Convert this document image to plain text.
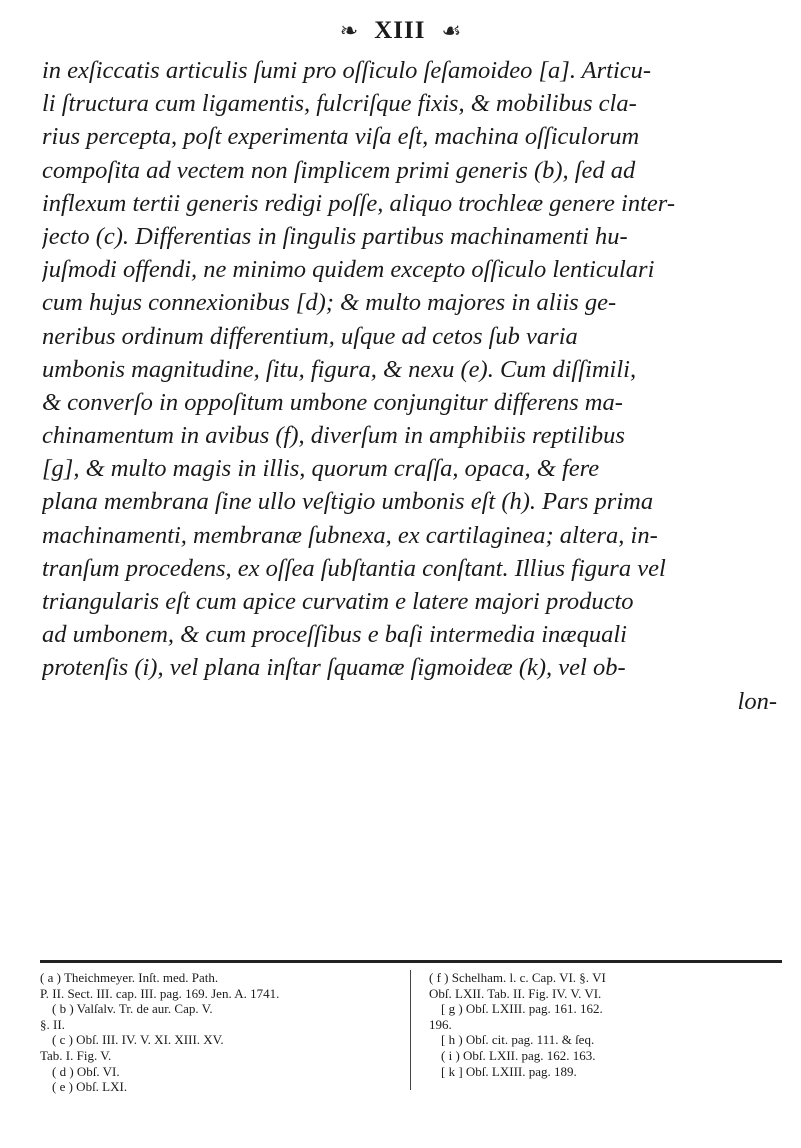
❧ XIII ☙
in exſiccatis articulis ſumi pro oſſiculo ſeſamoideo [a]. Articu-
li ſtructura cum ligamentis, fulcriſque fixis, & mobilibus cla-
rius percepta, poſt experimenta viſa eſt, machina oſſiculorum
compoſita ad vectem non ſimplicem primi generis (b), ſed ad
inflexum tertii generis redigi poſſe, aliquo trochleæ genere inter-
jecto (c). Differentias in ſingulis partibus machinamenti hu-
juſmodi offendi, ne minimo quidem excepto oſſiculo lenticulari
cum hujus connexionibus [d); & multo majores in aliis ge-
neribus ordinum differentium, uſque ad cetos ſub varia
umbonis magnitudine, ſitu, figura, & nexu (e). Cum diſſimili,
& converſo in oppoſitum umbone conjungitur differens ma-
chinamentum in avibus (f), diverſum in amphibiis reptilibus
[g], & multo magis in illis, quorum craſſa, opaca, & fere
plana membrana ſine ullo veſtigio umbonis eſt (h). Pars prima
machinamenti, membranæ ſubnexa, ex cartilaginea; altera, in-
tranſum procedens, ex oſſea ſubſtantia conſtant. Illius figura vel
triangularis eſt cum apice curvatim e latere majori producto
ad umbonem, & cum proceſſibus e baſi intermedia inæquali
protenſis (i), vel plana inſtar ſquamæ ſigmoideæ (k), vel ob-
lon-
( a ) Theichmeyer. Inſt. med. Path.
P. II. Sect. III. cap. III. pag. 169. Jen. A. 1741.
( b ) Valſalv. Tr. de aur. Cap. V.
§. II.
( c ) Obſ. III. IV. V. XI. XIII. XV.
Tab. I. Fig. V.
( d ) Obſ. VI.
( e ) Obſ. LXI.
( f ) Schelham. l. c. Cap. VI. §. VI
Obſ. LXII. Tab. II. Fig. IV. V. VI.
[ g ) Obſ. LXIII. pag. 161. 162.
196.
[ h ) Obſ. cit. pag. 111. & ſeq.
( i ) Obſ. LXII. pag. 162. 163.
[ k ] Obſ. LXIII. pag. 189.
